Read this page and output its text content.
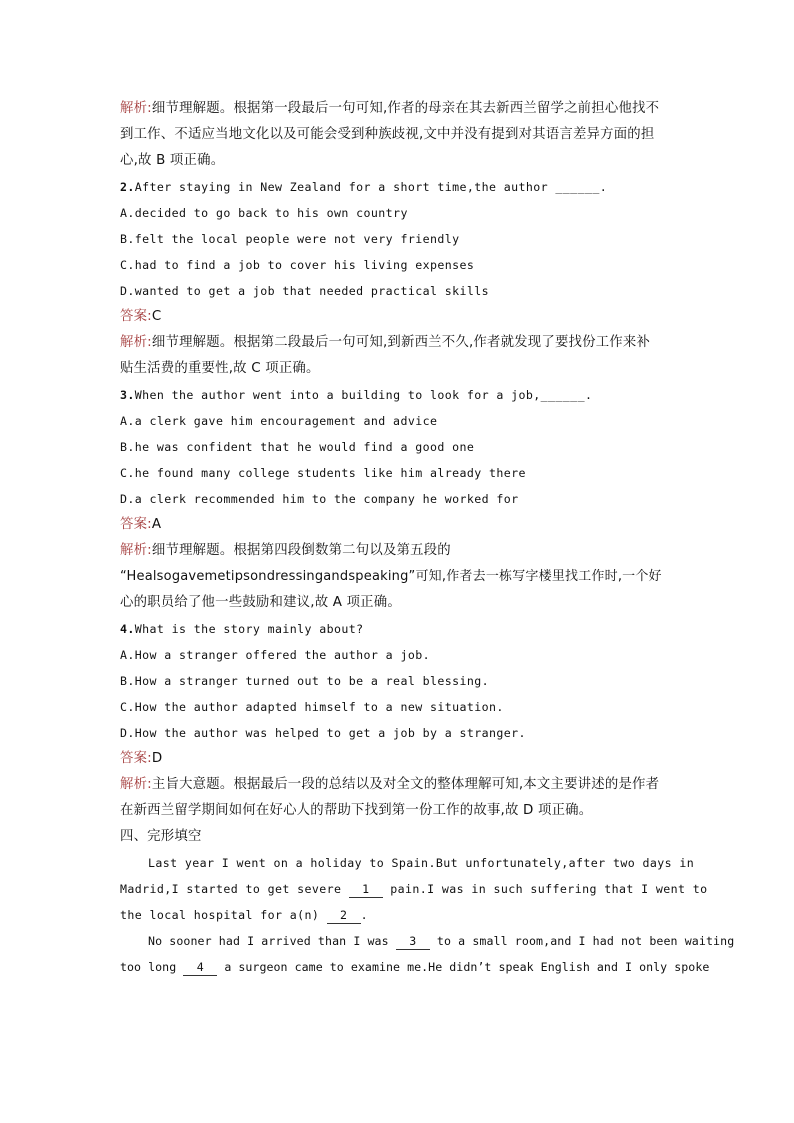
解析:细节理解题。根据第一段最后一句可知,作者的母亲在其去新西兰留学之前担心他找不
到工作、不适应当地文化以及可能会受到种族歧视,文中并没有提到对其语言差异方面的担
心,故 B 项正确。
2.After staying in New Zealand for a short time,the author ______.
A.decided to go back to his own country
B.felt the local people were not very friendly
C.had to find a job to cover his living expenses
D.wanted to get a job that needed practical skills
答案:C
解析:细节理解题。根据第二段最后一句可知,到新西兰不久,作者就发现了要找份工作来补
贴生活费的重要性,故 C 项正确。
3.When the author went into a building to look for a job,______.
A.a clerk gave him encouragement and advice
B.he was confident that he would find a good one
C.he found many college students like him already there
D.a clerk recommended him to the company he worked for
答案:A
解析:细节理解题。根据第四段倒数第二句以及第五段的
“Healsogavemetipsondressingandspeaking”可知,作者去一栋写字楼里找工作时,一个好
心的职员给了他一些鼓励和建议,故 A 项正确。
4.What is the story mainly about?
A.How a stranger offered the author a job.
B.How a stranger turned out to be a real blessing.
C.How the author adapted himself to a new situation.
D.How the author was helped to get a job by a stranger.
答案:D
解析:主旨大意题。根据最后一段的总结以及对全文的整体理解可知,本文主要讲述的是作者
在新西兰留学期间如何在好心人的帮助下找到第一份工作的故事,故 D 项正确。
四、完形填空
Last year I went on a holiday to Spain.But unfortunately,after two days in
Madrid,I started to get severe 1 pain.I was in such suffering that I went to
the local hospital for a(n) 2 .
No sooner had I arrived than I was 3 to a small room,and I had not been waiting
too long 4 a surgeon came to examine me.He didn’t speak English and I only spoke
